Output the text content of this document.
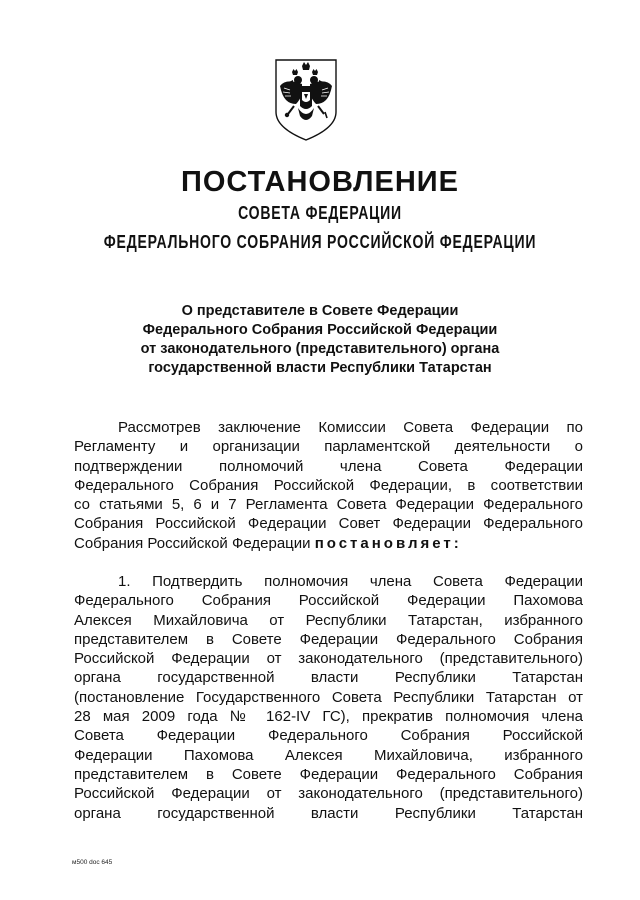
ПОСТАНОВЛЕНИЕ
СОВЕТА ФЕДЕРАЦИИ
ФЕДЕРАЛЬНОГО СОБРАНИЯ РОССИЙСКОЙ ФЕДЕРАЦИИ
О представителе в Совете Федерации
Федерального Собрания Российской Федерации
от законодательного (представительного) органа
государственной власти Республики Татарстан
Рассмотрев заключение Комиссии Совета Федерации по
Регламенту и организации парламентской деятельности о
подтверждении полномочий члена Совета Федерации
Федерального Собрания Российской Федерации, в соответствии
со статьями 5, 6 и 7 Регламента Совета Федерации Федерального
Собрания Российской Федерации Совет Федерации Федерального
Собрания Российской Федерации постановляет:
1. Подтвердить полномочия члена Совета Федерации
Федерального Собрания Российской Федерации Пахомова
Алексея Михайловича от Республики Татарстан, избранного
представителем в Совете Федерации Федерального Собрания
Российской Федерации от законодательного (представительного)
органа государственной власти Республики Татарстан
(постановление Государственного Совета Республики Татарстан от
28 мая 2009 года № 162-IV ГС), прекратив полномочия члена
Совета Федерации Федерального Собрания Российской
Федерации Пахомова Алексея Михайловича, избранного
представителем в Совете Федерации Федерального Собрания
Российской Федерации от законодательного (представительного)
органа государственной власти Республики Татарстан
м500 doc 645
